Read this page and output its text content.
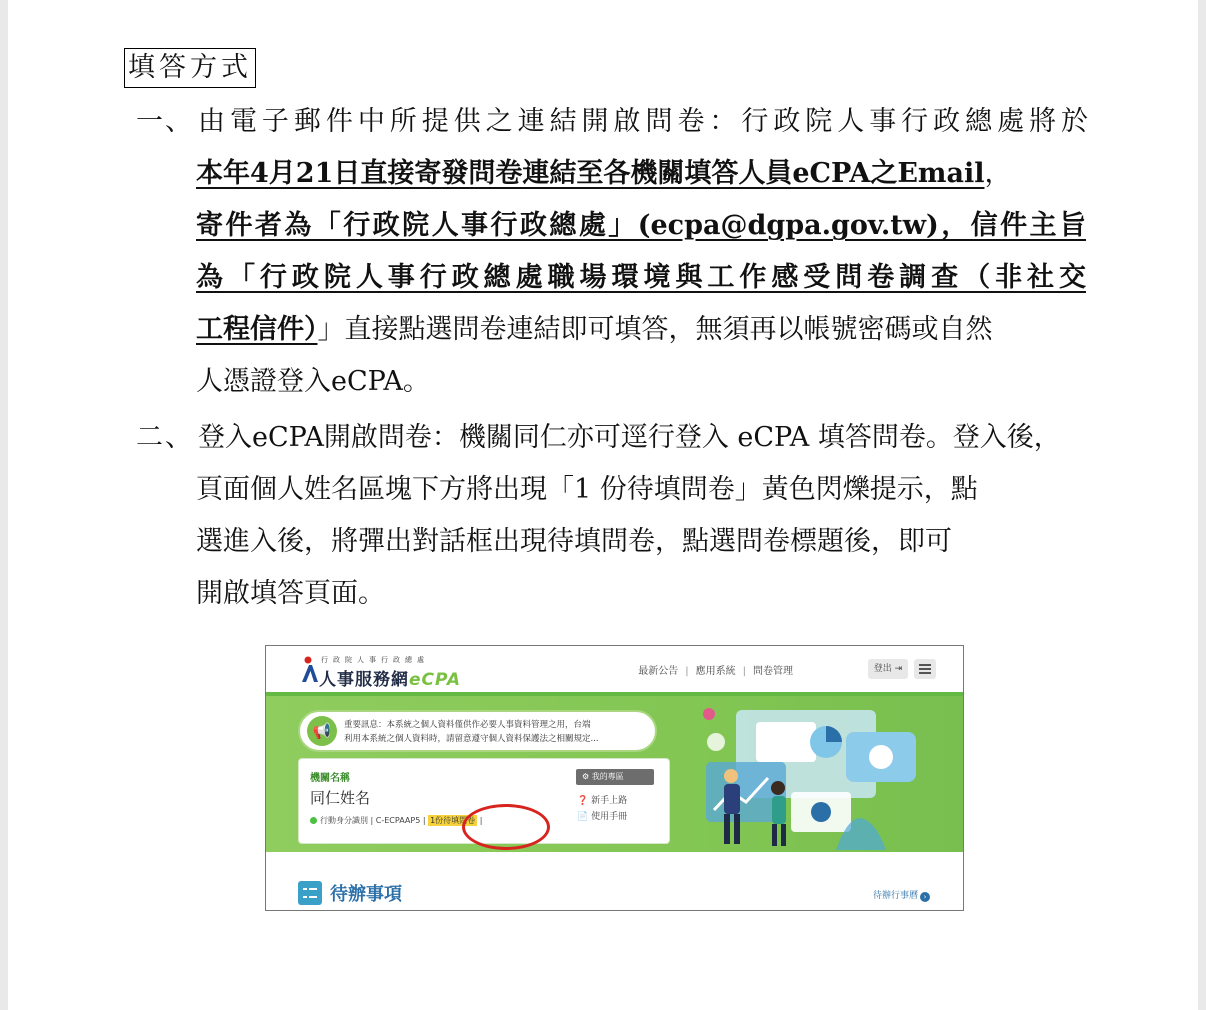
填答方式
一、 由電子郵件中所提供之連結開啟問卷：行政院人事行政總處將於
本年4月21日直接寄發問卷連結至各機關填答人員eCPA之Email，
寄件者為「行政院人事行政總處」(ecpa@dgpa.gov.tw)，信件主旨
為「行政院人事行政總處職場環境與工作感受問卷調查（非社交
工程信件）」直接點選問卷連結即可填答，無須再以帳號密碼或自然
人憑證登入eCPA。
二、 登入eCPA開啟問卷：機關同仁亦可逕行登入 eCPA 填答問卷。登入後，
頁面個人姓名區塊下方將出現「1 份待填問卷」黃色閃爍提示，點
選進入後，將彈出對話框出現待填問卷，點選問卷標題後，即可
開啟填答頁面。
行政院人事行政總處
人事服務網eCPA	最新公告 | 應用系統 | 問卷管理	登出 ⇥
📢	重要訊息：本系統之個人資料僅供作必要人事資料管理之用，台端
利用本系統之個人資料時，請留意遵守個人資料保護法之相關規定...
機關名稱
同仁姓名
行動身分識別 | C-ECPAAP5 | 1份待填問卷 |
⚙ 我的專區
❓ 新手上路
📄 使用手冊
待辦事項	待辦行事曆 ›
